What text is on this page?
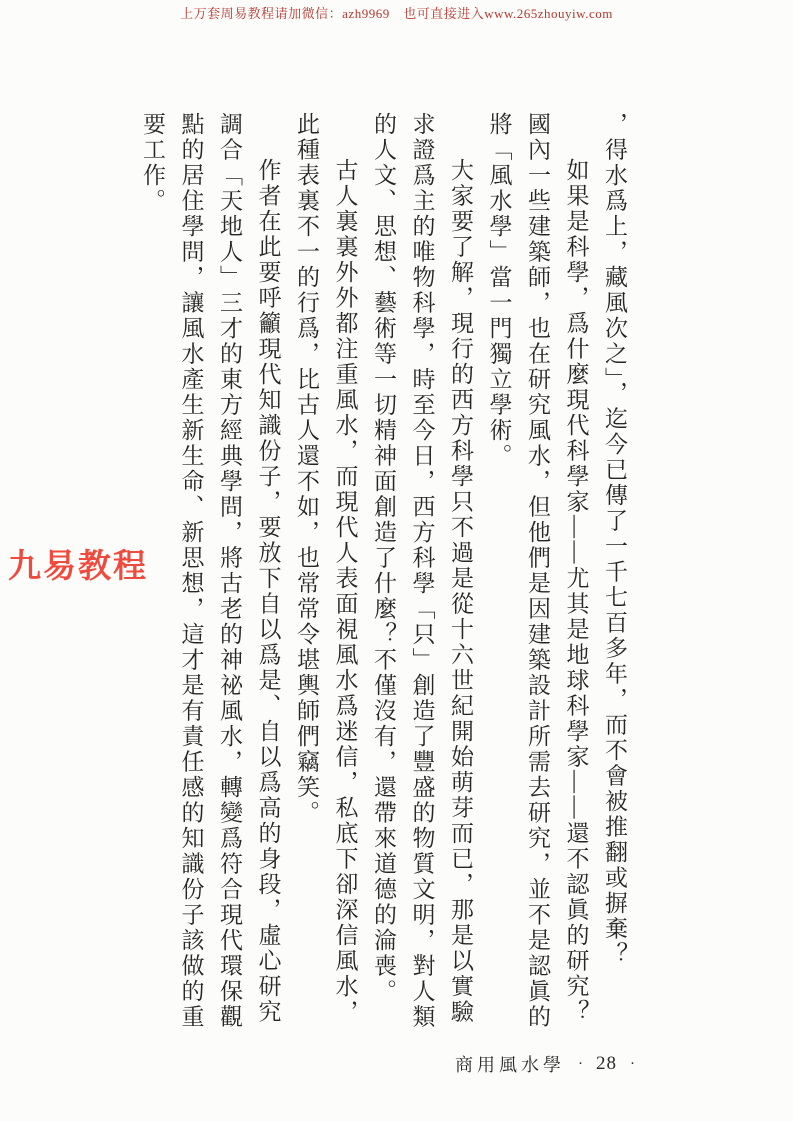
上万套周易教程请加微信：azh9969　也可直接进入www.265zhouyiw.com
九易教程	，得水爲上，藏風次之」，迄今已傳了一千七百多年，而不會被推翻或摒棄？

如果是科學，爲什麼現代科學家——尤其是地球科學家——還不認眞的研究？國內一些建築師，也在研究風水，但他們是因建築設計所需去研究，並不是認眞的將「風水學」當一門獨立學術。

大家要了解，現行的西方科學只不過是從十六世紀開始萌芽而已，那是以實驗求證爲主的唯物科學，時至今日，西方科學「只」創造了豐盛的物質文明，對人類的人文、思想、藝術等一切精神面創造了什麼？不僅沒有，還帶來道德的淪喪。

古人裏裏外外都注重風水，而現代人表面視風水爲迷信，私底下卻深信風水，此種表裏不一的行爲，比古人還不如，也常常令堪輿師們竊笑。

作者在此要呼籲現代知識份子，要放下自以爲是、自以爲高的身段，虛心研究調合「天地人」三才的東方經典學問，將古老的神祕風水，轉變爲符合現代環保觀點的居住學問，讓風水產生新生命、新思想，這才是有責任感的知識份子該做的重要工作。

商用風水學 · 28 ·
